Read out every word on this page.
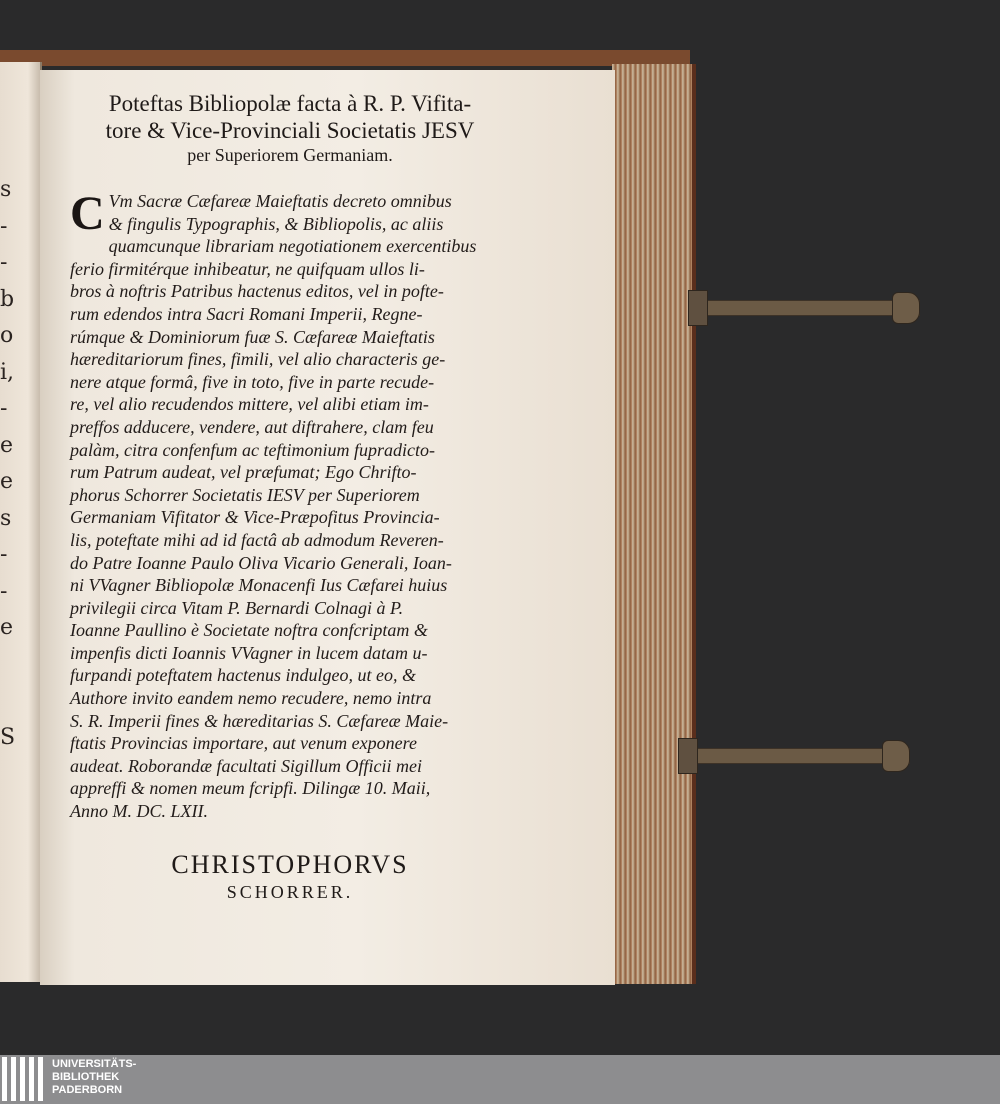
s
-
-
b
o
i,
-
e
e
s
-
-
e
S
Poteftas Bibliopolæ facta à R. P. Vifita-
tore & Vice-Provinciali Societatis JESV
per Superiorem Germaniam.
C Vm Sacræ Cæfareæ Maieftatis decreto omnibus
& fingulis Typographis, & Bibliopolis, ac aliis
quamcunque librariam negotiationem exercentibus
ferio firmitérque inhibeatur, ne quifquam ullos li-
bros à noftris Patribus hactenus editos, vel in pofte-
rum edendos intra Sacri Romani Imperii, Regne-
rúmque & Dominiorum fuæ S. Cæfareæ Maieftatis
hæreditariorum fines, fimili, vel alio characteris ge-
nere atque formâ, five in toto, five in parte recude-
re, vel alio recudendos mittere, vel alibi etiam im-
preffos adducere, vendere, aut diftrahere, clam feu
palàm, citra confenfum ac teftimonium fupradicto-
rum Patrum audeat, vel præfumat; Ego Chrifto-
phorus Schorrer Societatis IESV per Superiorem
Germaniam Vifitator & Vice-Præpofitus Provincia-
lis, poteftate mihi ad id factâ ab admodum Reveren-
do Patre Ioanne Paulo Oliva Vicario Generali, Ioan-
ni VVagner Bibliopolæ Monacenfi Ius Cæfarei huius
privilegii circa Vitam P. Bernardi Colnagi à P.
Ioanne Paullino è Societate noftra confcriptam &
impenfis dicti Ioannis VVagner in lucem datam u-
furpandi poteftatem hactenus indulgeo, ut eo, &
Authore invito eandem nemo recudere, nemo intra
S. R. Imperii fines & hæreditarias S. Cæfareæ Maie-
ftatis Provincias importare, aut venum exponere
audeat. Roborandæ facultati Sigillum Officii mei
appreffi & nomen meum fcripfi. Dilingæ 10. Maii,
Anno M. DC. LXII.
CHRISTOPHORVS
SCHORRER.
UNIVERSITÄTS-
BIBLIOTHEK
PADERBORN
